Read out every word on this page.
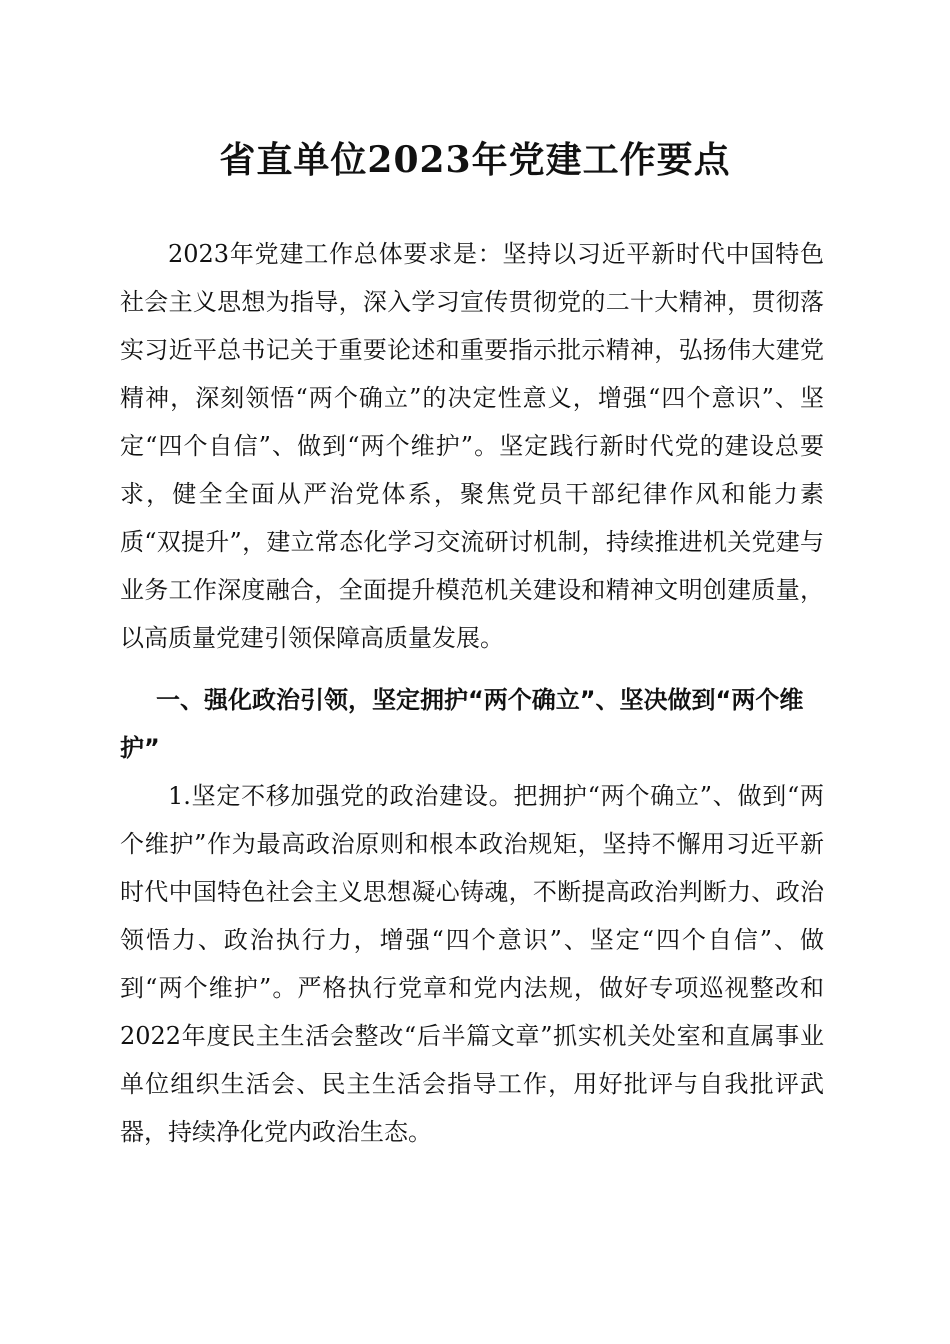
省直单位2023年党建工作要点

2023年党建工作总体要求是：坚持以习近平新时代中国特色社会主义思想为指导，深入学习宣传贯彻党的二十大精神，贯彻落实习近平总书记关于重要论述和重要指示批示精神，弘扬伟大建党精神，深刻领悟“两个确立”的决定性意义，增强“四个意识”、坚定“四个自信”、做到“两个维护”。坚定践行新时代党的建设总要求，健全全面从严治党体系，聚焦党员干部纪律作风和能力素质“双提升”，建立常态化学习交流研讨机制，持续推进机关党建与业务工作深度融合，全面提升模范机关建设和精神文明创建质量，以高质量党建引领保障高质量发展。

一、强化政治引领，坚定拥护“两个确立”、坚决做到“两个维护”

1.坚定不移加强党的政治建设。把拥护“两个确立”、做到“两个维护”作为最高政治原则和根本政治规矩，坚持不懈用习近平新时代中国特色社会主义思想凝心铸魂，不断提高政治判断力、政治领悟力、政治执行力，增强“四个意识”、坚定“四个自信”、做到“两个维护”。严格执行党章和党内法规，做好专项巡视整改和2022年度民主生活会整改“后半篇文章”抓实机关处室和直属事业单位组织生活会、民主生活会指导工作，用好批评与自我批评武器，持续净化党内政治生态。
